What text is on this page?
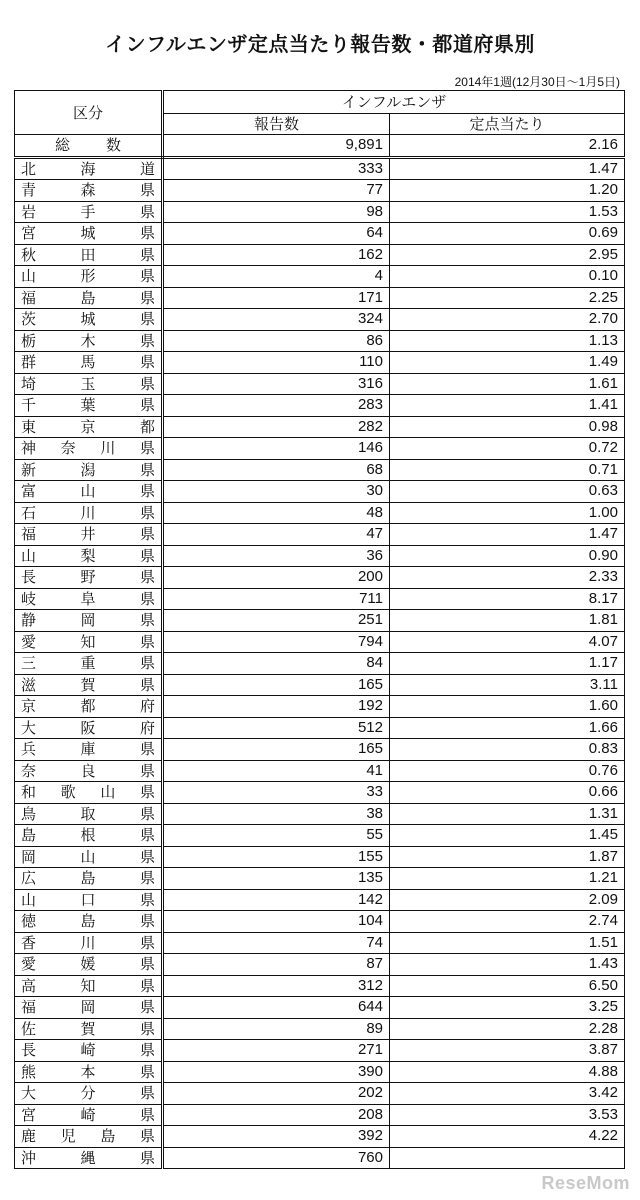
インフルエンザ定点当たり報告数・都道府県別
2014年1週(12月30日～1月5日)
区分	インフルエンザ	
	報告数	定点当たり

総 数	9,891	2.16

北 海 道	333	1.47

青 森 県	77	1.20

岩 手 県	98	1.53

宮 城 県	64	0.69

秋 田 県	162	2.95

山 形 県	4	0.10

福 島 県	171	2.25

茨 城 県	324	2.70

栃 木 県	86	1.13

群 馬 県	110	1.49

埼 玉 県	316	1.61

千 葉 県	283	1.41

東 京 都	282	0.98

神 奈 川 県	146	0.72

新 潟 県	68	0.71

富 山 県	30	0.63

石 川 県	48	1.00

福 井 県	47	1.47

山 梨 県	36	0.90

長 野 県	200	2.33

岐 阜 県	711	8.17

静 岡 県	251	1.81

愛 知 県	794	4.07

三 重 県	84	1.17

滋 賀 県	165	3.11

京 都 府	192	1.60

大 阪 府	512	1.66

兵 庫 県	165	0.83

奈 良 県	41	0.76

和 歌 山 県	33	0.66

鳥 取 県	38	1.31

島 根 県	55	1.45

岡 山 県	155	1.87

広 島 県	135	1.21

山 口 県	142	2.09

徳 島 県	104	2.74

香 川 県	74	1.51

愛 媛 県	87	1.43

高 知 県	312	6.50

福 岡 県	644	3.25

佐 賀 県	89	2.28

長 崎 県	271	3.87

熊 本 県	390	4.88

大 分 県	202	3.42

宮 崎 県	208	3.53

鹿 児 島 県	392	4.22

沖 縄 県	760	
ReseMom
